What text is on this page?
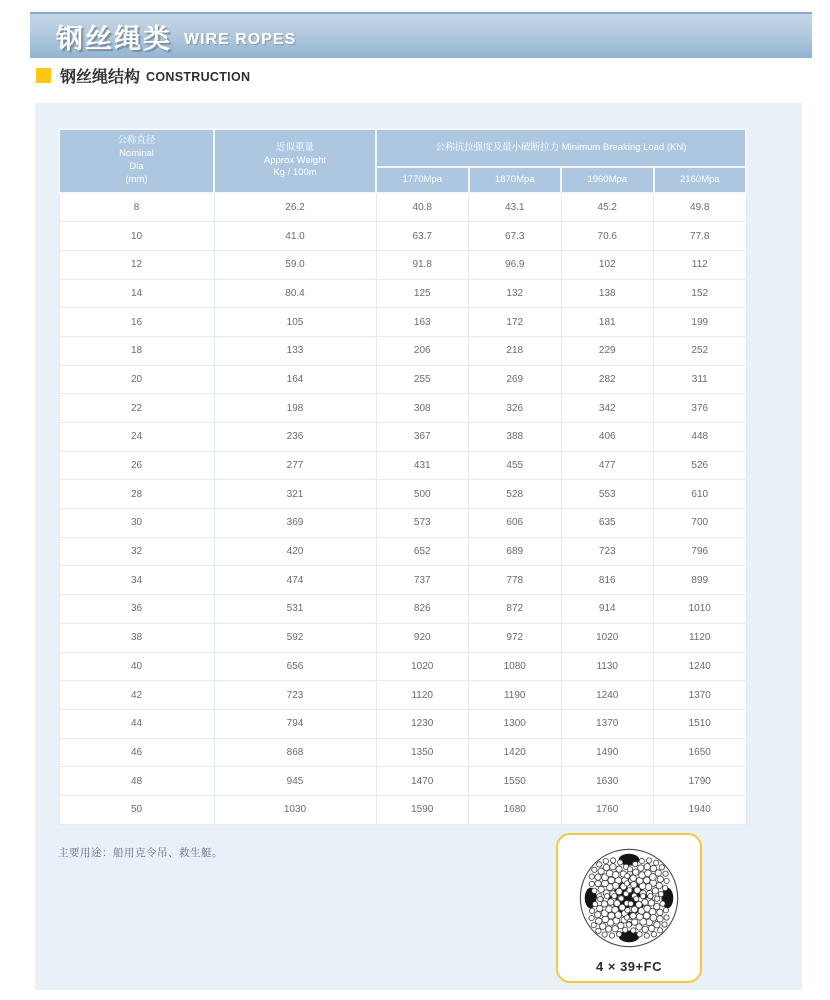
钢丝绳类 WIRE ROPES
钢丝绳结构 CONSTRUCTION
公称直径
Nominal
Dia
(mm)	近似重量
Approx Weight
Kg / 100m	公称抗拉强度及最小破断拉力 Minimum Breaking Load (KN)			
		1770Mpa	1870Mpa	1960Mpa	2160Mpa
8	26.2	40.8	43.1	45.2	49.8
10	41.0	63.7	67.3	70.6	77.8
12	59.0	91.8	96.9	102	112
14	80.4	125	132	138	152
16	105	163	172	181	199
18	133	206	218	229	252
20	164	255	269	282	311
22	198	308	326	342	376
24	236	367	388	406	448
26	277	431	455	477	526
28	321	500	528	553	610
30	369	573	606	635	700
32	420	652	689	723	796
34	474	737	778	816	899
36	531	826	872	914	1010
38	592	920	972	1020	1120
40	656	1020	1080	1130	1240
42	723	1120	1190	1240	1370
44	794	1230	1300	1370	1510
46	868	1350	1420	1490	1650
48	945	1470	1550	1630	1790
50	1030	1590	1680	1760	1940
主要用途：船用克令吊、救生艇。
4 × 39+FC
